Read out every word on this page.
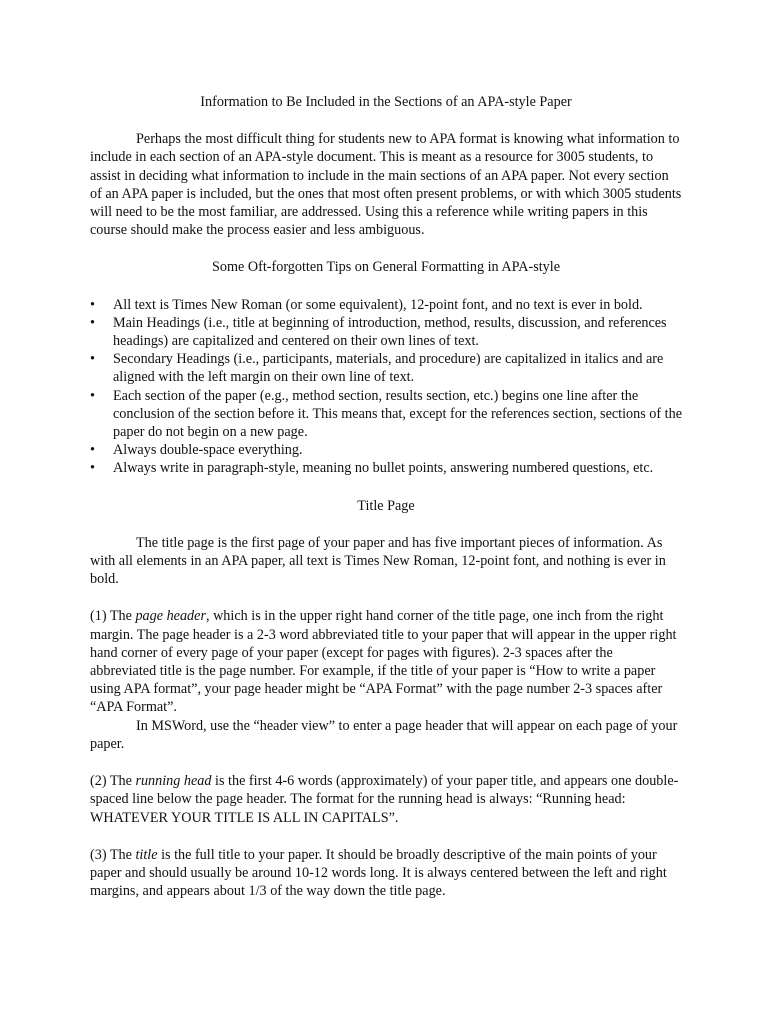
Information to Be Included in the Sections of an APA-style Paper

Perhaps the most difficult thing for students new to APA format is knowing what information to include in each section of an APA-style document. This is meant as a resource for 3005 students, to assist in deciding what information to include in the main sections of an APA paper. Not every section of an APA paper is included, but the ones that most often present problems, or with which 3005 students will need to be the most familiar, are addressed. Using this a reference while writing papers in this course should make the process easier and less ambiguous.

Some Oft-forgotten Tips on General Formatting in APA-style

• All text is Times New Roman (or some equivalent), 12-point font, and no text is ever in bold.
• Main Headings (i.e., title at beginning of introduction, method, results, discussion, and references headings) are capitalized and centered on their own lines of text.
• Secondary Headings (i.e., participants, materials, and procedure) are capitalized in italics and are aligned with the left margin on their own line of text.
• Each section of the paper (e.g., method section, results section, etc.) begins one line after the conclusion of the section before it. This means that, except for the references section, sections of the paper do not begin on a new page.
• Always double-space everything.
• Always write in paragraph-style, meaning no bullet points, answering numbered questions, etc.

Title Page

The title page is the first page of your paper and has five important pieces of information. As with all elements in an APA paper, all text is Times New Roman, 12-point font, and nothing is ever in bold.

(1) The page header, which is in the upper right hand corner of the title page, one inch from the right margin. The page header is a 2-3 word abbreviated title to your paper that will appear in the upper right hand corner of every page of your paper (except for pages with figures). 2-3 spaces after the abbreviated title is the page number. For example, if the title of your paper is “How to write a paper using APA format”, your page header might be “APA Format” with the page number 2-3 spaces after “APA Format”.

In MSWord, use the “header view” to enter a page header that will appear on each page of your paper.

(2) The running head is the first 4-6 words (approximately) of your paper title, and appears one double-spaced line below the page header. The format for the running head is always: “Running head: WHATEVER YOUR TITLE IS ALL IN CAPITALS”.

(3) The title is the full title to your paper. It should be broadly descriptive of the main points of your paper and should usually be around 10-12 words long. It is always centered between the left and right margins, and appears about 1/3 of the way down the title page.
